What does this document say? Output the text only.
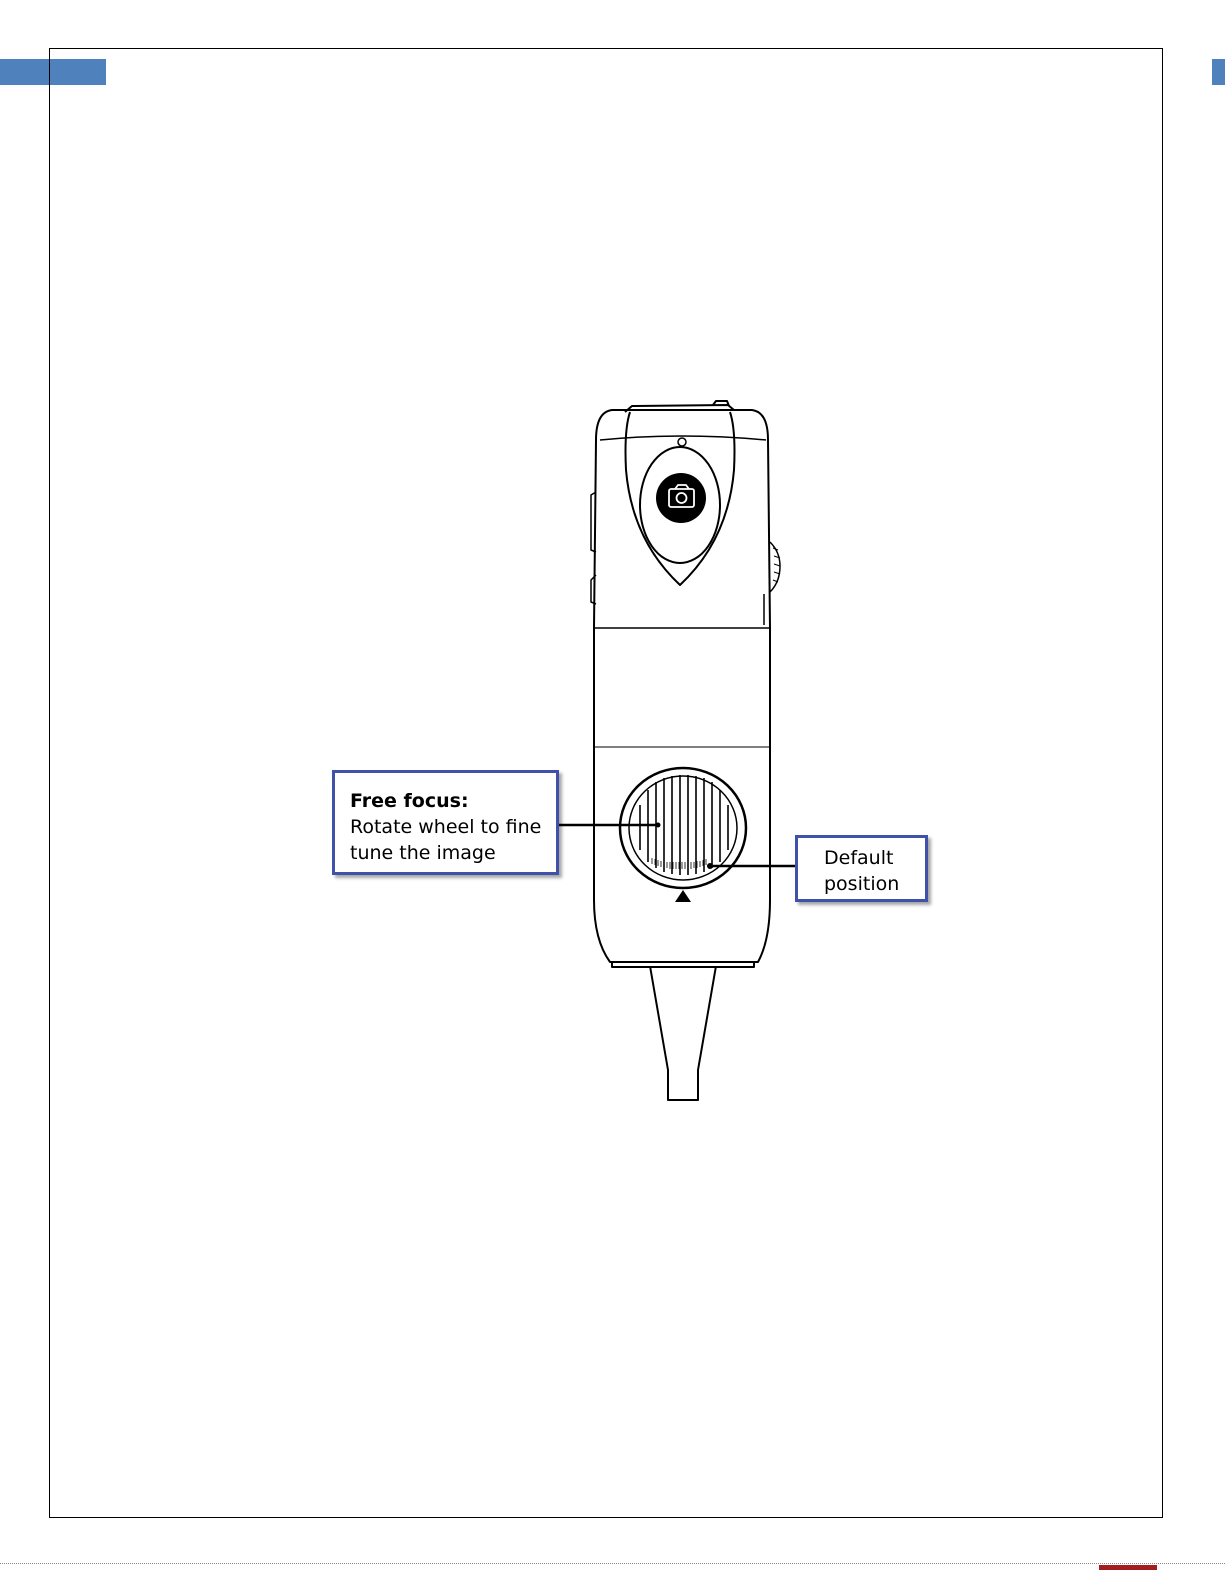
Free focus:
Rotate wheel to fine
tune the image	Default
position
